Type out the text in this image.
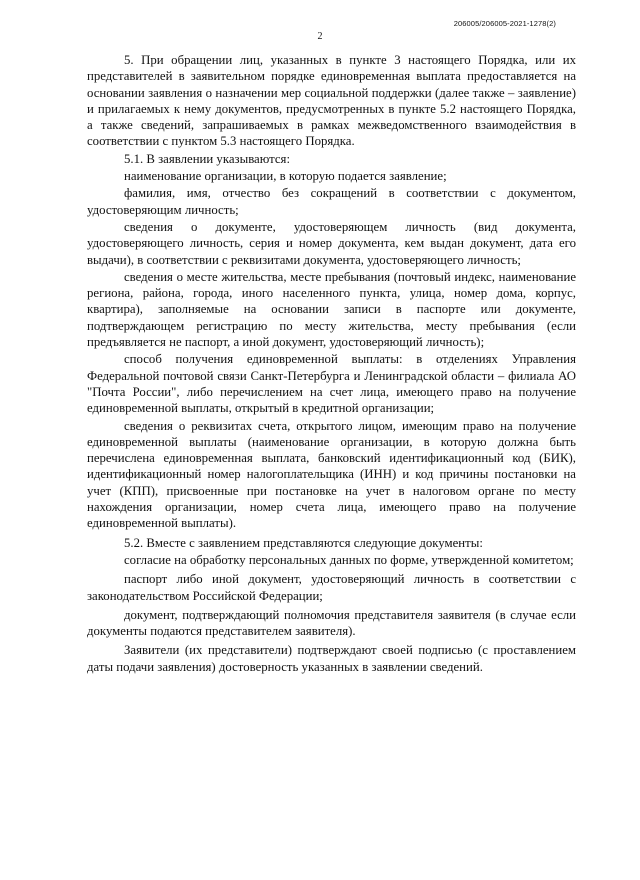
206005/206005-2021-1278(2)
2

5. При обращении лиц, указанных в пункте 3 настоящего Порядка, или их представителей в заявительном порядке единовременная выплата предоставляется на основании заявления о назначении мер социальной поддержки (далее также – заявление) и прилагаемых к нему документов, предусмотренных в пункте 5.2 настоящего Порядка, а также сведений, запрашиваемых в рамках межведомственного взаимодействия в соответствии с пунктом 5.3 настоящего Порядка.

5.1. В заявлении указываются:

наименование организации, в которую подается заявление;

фамилия, имя, отчество без сокращений в соответствии с документом, удостоверяющим личность;

сведения о документе, удостоверяющем личность (вид документа, удостоверяющего личность, серия и номер документа, кем выдан документ, дата его выдачи), в соответствии с реквизитами документа, удостоверяющего личность;

сведения о месте жительства, месте пребывания (почтовый индекс, наименование региона, района, города, иного населенного пункта, улица, номер дома, корпус, квартира), заполняемые на основании записи в паспорте или документе, подтверждающем регистрацию по месту жительства, месту пребывания (если предъявляется не паспорт, а иной документ, удостоверяющий личность);

способ получения единовременной выплаты: в отделениях Управления Федеральной почтовой связи Санкт-Петербурга и Ленинградской области – филиала АО "Почта России", либо перечислением на счет лица, имеющего право на получение единовременной выплаты, открытый в кредитной организации;

сведения о реквизитах счета, открытого лицом, имеющим право на получение единовременной выплаты (наименование организации, в которую должна быть перечислена единовременная выплата, банковский идентификационный код (БИК), идентификационный номер налогоплательщика (ИНН) и код причины постановки на учет (КПП), присвоенные при постановке на учет в налоговом органе по месту нахождения организации, номер счета лица, имеющего право на получение единовременной выплаты).

5.2. Вместе с заявлением представляются следующие документы:

согласие на обработку персональных данных по форме, утвержденной комитетом;

паспорт либо иной документ, удостоверяющий личность в соответствии с законодательством Российской Федерации;

документ, подтверждающий полномочия представителя заявителя (в случае если документы подаются представителем заявителя).

Заявители (их представители) подтверждают своей подписью (с проставлением даты подачи заявления) достоверность указанных в заявлении сведений.
